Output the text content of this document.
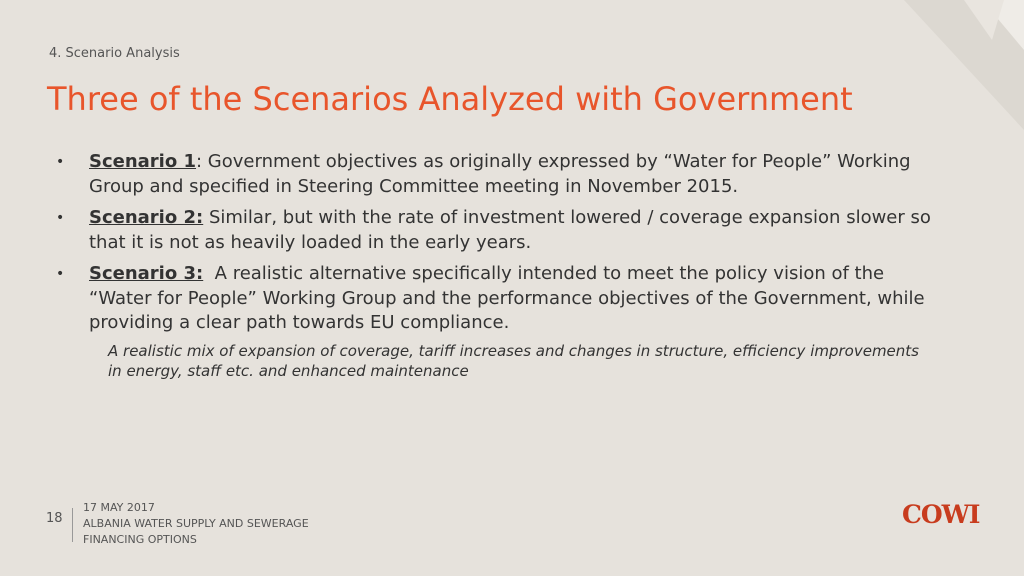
4. Scenario Analysis
Three of the Scenarios Analyzed with Government
•	Scenario 1: Government objectives as originally expressed by “Water for People” Working Group and specified in Steering Committee meeting in November 2015.
•	Scenario 2: Similar, but with the rate of investment lowered / coverage expansion slower so that it is not as heavily loaded in the early years.
•	Scenario 3:  A realistic alternative specifically intended to meet the policy vision of the “Water for People” Working Group and the performance objectives of the Government, while providing a clear path towards EU compliance.
A realistic mix of expansion of coverage, tariff increases and changes in structure, efficiency improvements in energy, staff etc. and enhanced maintenance
18
17 MAY 2017
ALBANIA WATER SUPPLY AND SEWERAGE
FINANCING OPTIONS
COWI
